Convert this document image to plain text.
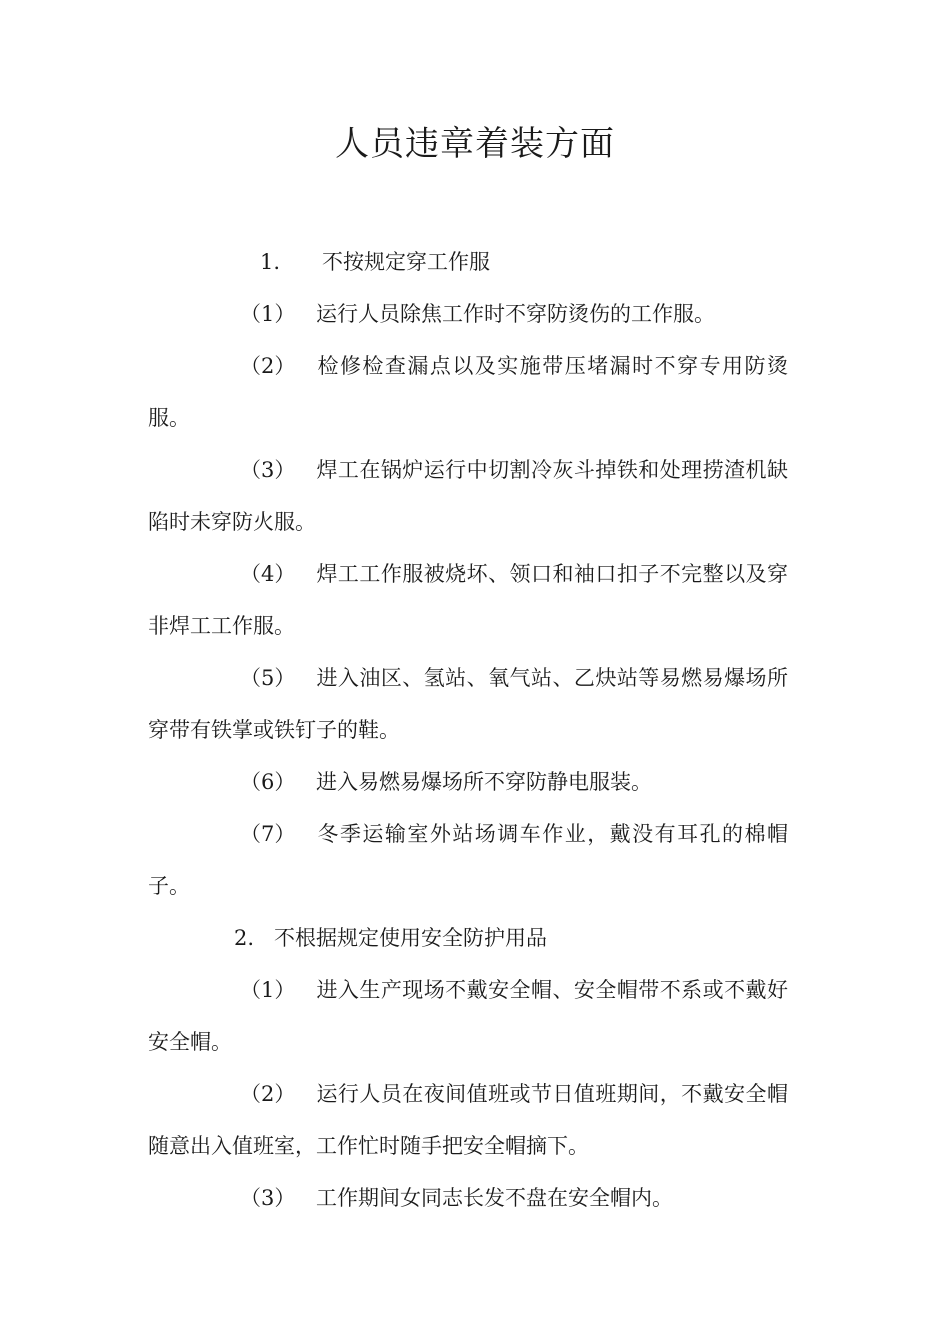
人员违章着装方面

1. 不按规定穿工作服

（1） 运行人员除焦工作时不穿防烫伤的工作服。

（2） 检修检查漏点以及实施带压堵漏时不穿专用防烫服。

（3） 焊工在锅炉运行中切割冷灰斗掉铁和处理捞渣机缺陷时未穿防火服。

（4） 焊工工作服被烧坏、领口和袖口扣子不完整以及穿非焊工工作服。

（5） 进入油区、氢站、氧气站、乙炔站等易燃易爆场所穿带有铁掌或铁钉子的鞋。

（6） 进入易燃易爆场所不穿防静电服装。

（7） 冬季运输室外站场调车作业，戴没有耳孔的棉帽子。

2. 不根据规定使用安全防护用品

（1） 进入生产现场不戴安全帽、安全帽带不系或不戴好安全帽。

（2） 运行人员在夜间值班或节日值班期间，不戴安全帽随意出入值班室，工作忙时随手把安全帽摘下。

（3） 工作期间女同志长发不盘在安全帽内。
